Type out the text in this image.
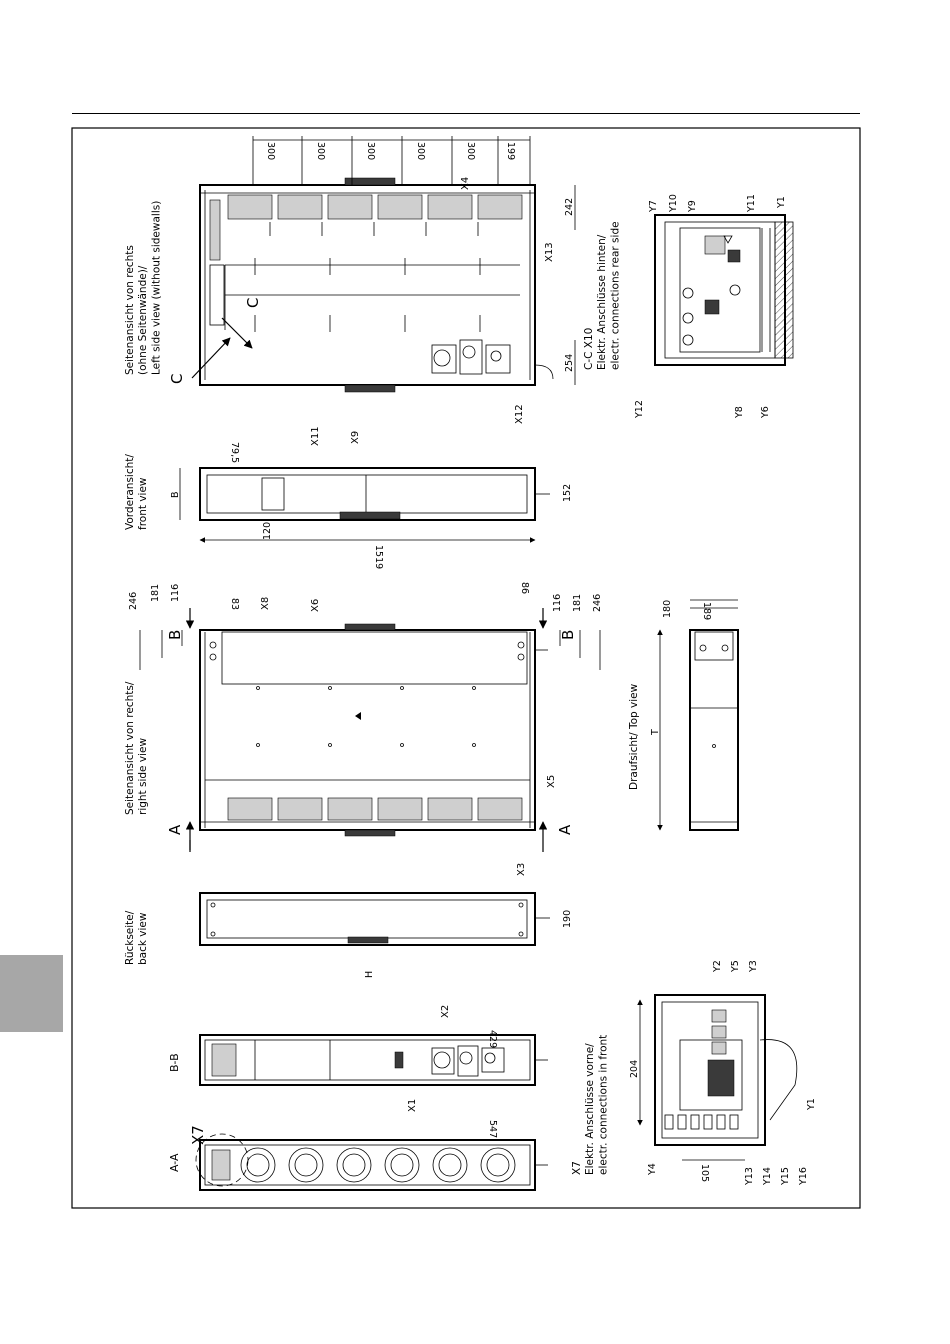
A-A
X7
B-B
Rückseite/back view
Seitenansicht von rechts/right side view
Vorderansicht/front view
Seitenansicht von rechts(ohne Seitenwände)/Left side view (without sidewalls)
Draufsicht/ Top view
X7Elektr. Anschlüsse vorne/electr. connections in front
C-C X10Elektr. Anschlüsse hinten/electr. connections rear side
A	A
B	B
C
C
429
547
190
H
246 181 116
83
86
116 181 246
B
79,5
120
1519
152
300	300	300	300	300	199
242
254
T
180	189
204
105
X1
X2
X3
X5
X6
X8
X9
X11
X4
X12
X13
Y2 Y5 Y3
Y1
Y4	Y13 Y14 Y15 Y16
Y7 Y10 Y9	Y11 Y1
Y12	Y8 Y6
